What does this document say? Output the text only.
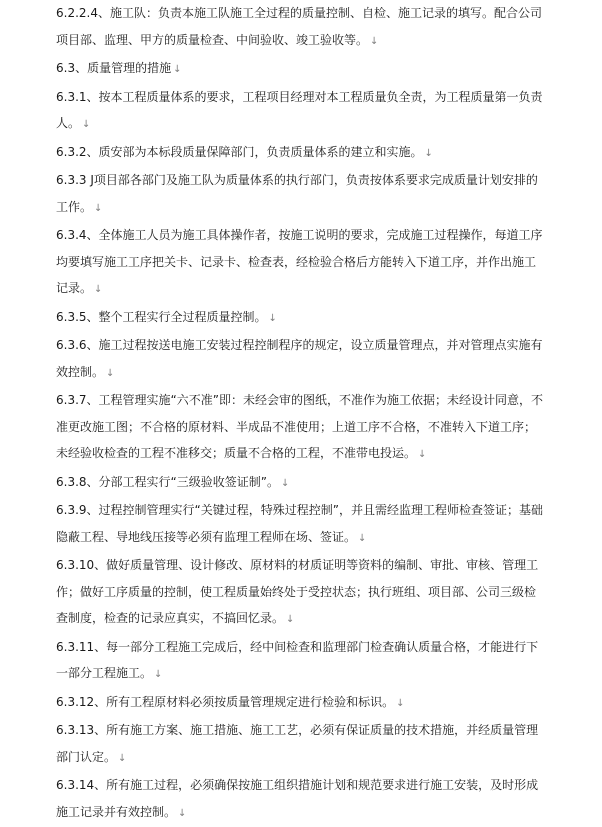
6.2.2.4、施工队：负责本施工队施工全过程的质量控制、自检、施工记录的填写。配合公司项目部、监理、甲方的质量检查、中间验收、竣工验收等。 ↓
6.3、质量管理的措施 ↓
6.3.1、按本工程质量体系的要求，工程项目经理对本工程质量负全责，为工程质量第一负责人。 ↓
6.3.2、质安部为本标段质量保障部门，负责质量体系的建立和实施。 ↓
6.3.3 J项目部各部门及施工队为质量体系的执行部门，负责按体系要求完成质量计划安排的工作。 ↓
6.3.4、全体施工人员为施工具体操作者，按施工说明的要求，完成施工过程操作，每道工序均要填写施工工序把关卡、记录卡、检查表，经检验合格后方能转入下道工序，并作出施工记录。 ↓
6.3.5、整个工程实行全过程质量控制。 ↓
6.3.6、施工过程按送电施工安装过程控制程序的规定，设立质量管理点，并对管理点实施有效控制。 ↓
6.3.7、工程管理实施“六不准”即：未经会审的图纸，不准作为施工依据；未经设计同意，不准更改施工图；不合格的原材料、半成品不准使用；上道工序不合格，不准转入下道工序；未经验收检查的工程不准移交；质量不合格的工程，不准带电投运。 ↓
6.3.8、分部工程实行“三级验收签证制”。 ↓
6.3.9、过程控制管理实行“关键过程，特殊过程控制”，并且需经监理工程师检查签证；基础隐蔽工程、导地线压接等必须有监理工程师在场、签证。 ↓
6.3.10、做好质量管理、设计修改、原材料的材质证明等资料的编制、审批、审核、管理工作；做好工序质量的控制，使工程质量始终处于受控状态；执行班组、项目部、公司三级检查制度，检查的记录应真实，不搞回忆录。 ↓
6.3.11、每一部分工程施工完成后，经中间检查和监理部门检查确认质量合格，才能进行下一部分工程施工。 ↓
6.3.12、所有工程原材料必须按质量管理规定进行检验和标识。 ↓
6.3.13、所有施工方案、施工措施、施工工艺，必须有保证质量的技术措施，并经质量管理部门认定。 ↓
6.3.14、所有施工过程，必须确保按施工组织措施计划和规范要求进行施工安装，及时形成施工记录并有效控制。 ↓
